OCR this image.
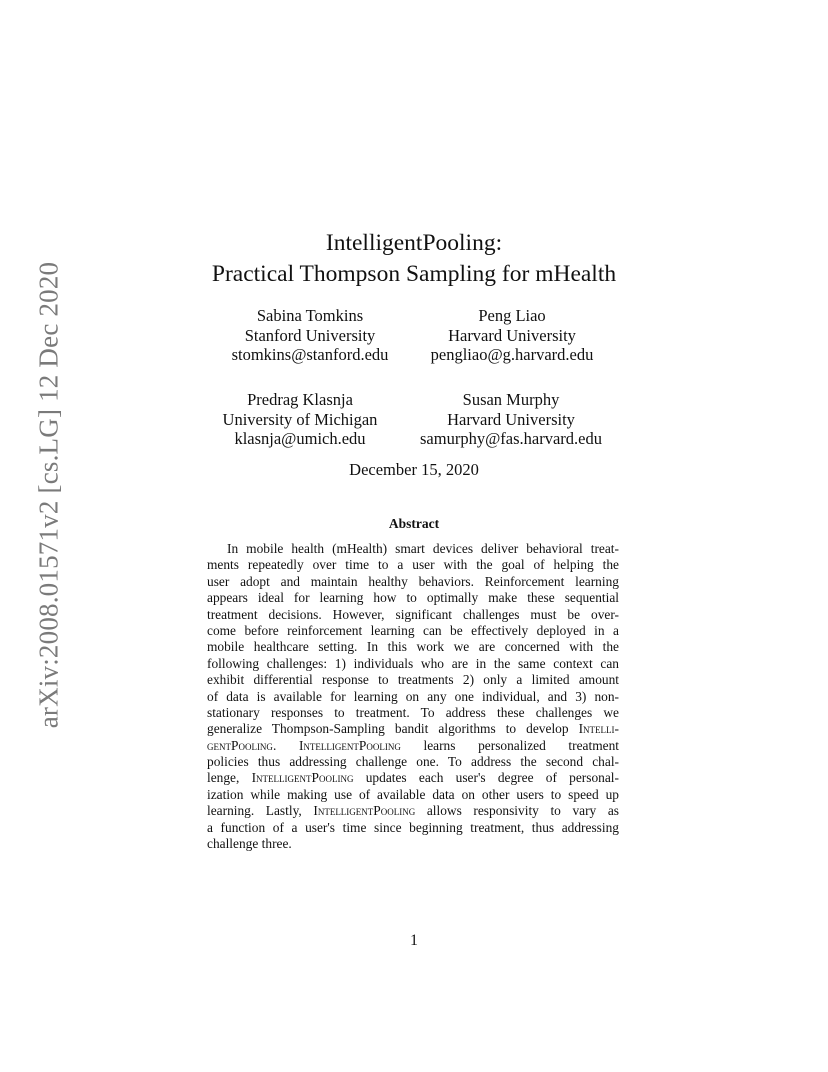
arXiv:2008.01571v2 [cs.LG] 12 Dec 2020
IntelligentPooling:
Practical Thompson Sampling for mHealth
Sabina Tomkins
Stanford University
stomkins@stanford.edu
Peng Liao
Harvard University
pengliao@g.harvard.edu
Predrag Klasnja
University of Michigan
klasnja@umich.edu
Susan Murphy
Harvard University
samurphy@fas.harvard.edu
December 15, 2020
Abstract
In mobile health (mHealth) smart devices deliver behavioral treat-
ments repeatedly over time to a user with the goal of helping the
user adopt and maintain healthy behaviors. Reinforcement learning
appears ideal for learning how to optimally make these sequential
treatment decisions. However, significant challenges must be over-
come before reinforcement learning can be effectively deployed in a
mobile healthcare setting. In this work we are concerned with the
following challenges: 1) individuals who are in the same context can
exhibit differential response to treatments 2) only a limited amount
of data is available for learning on any one individual, and 3) non-
stationary responses to treatment. To address these challenges we
generalize Thompson-Sampling bandit algorithms to develop Intelli-
gentPooling. IntelligentPooling learns personalized treatment
policies thus addressing challenge one. To address the second chal-
lenge, IntelligentPooling updates each user's degree of personal-
ization while making use of available data on other users to speed up
learning. Lastly, IntelligentPooling allows responsivity to vary as
a function of a user's time since beginning treatment, thus addressing
challenge three.
1
